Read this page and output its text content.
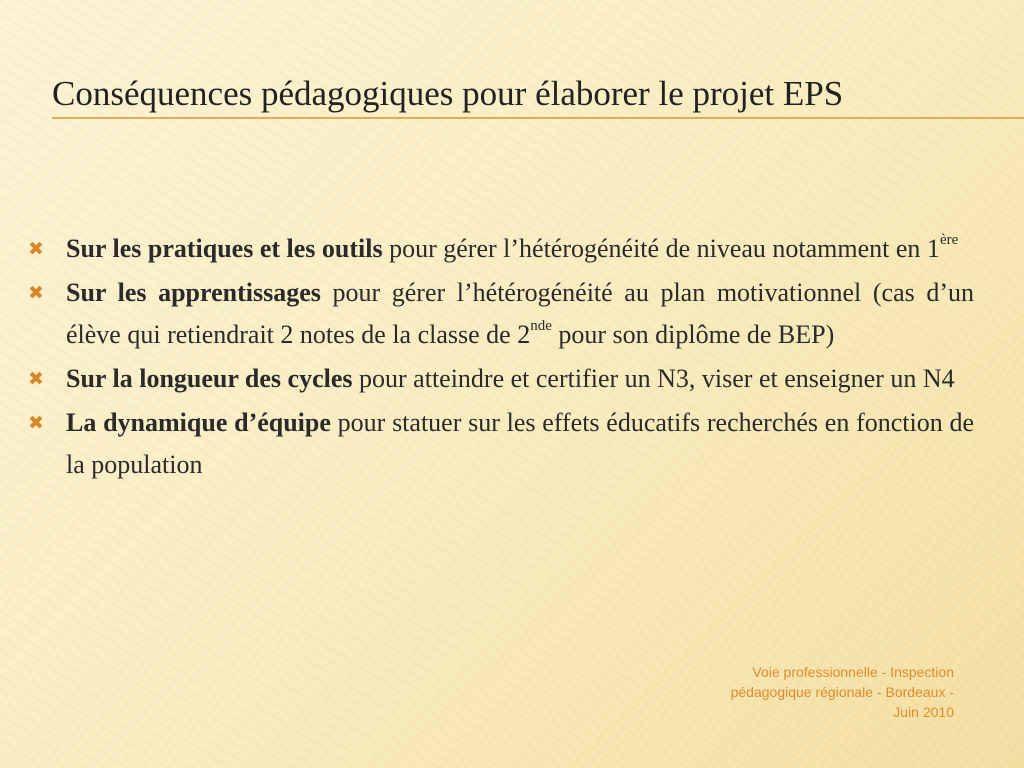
Conséquences pédagogiques pour élaborer le projet EPS
✖ Sur les pratiques et les outils pour gérer l’hétérogénéité de niveau notamment en 1ère
✖ Sur les apprentissages pour gérer l’hétérogénéité au plan motivationnel (cas d’un élève qui retiendrait 2 notes de la classe de 2nde pour son diplôme de BEP)
✖ Sur la longueur des cycles pour atteindre et certifier un N3, viser et enseigner un N4
✖ La dynamique d’équipe pour statuer sur les effets éducatifs recherchés en fonction de la population
Voie professionnelle - Inspection
pédagogique régionale - Bordeaux -
Juin 2010
